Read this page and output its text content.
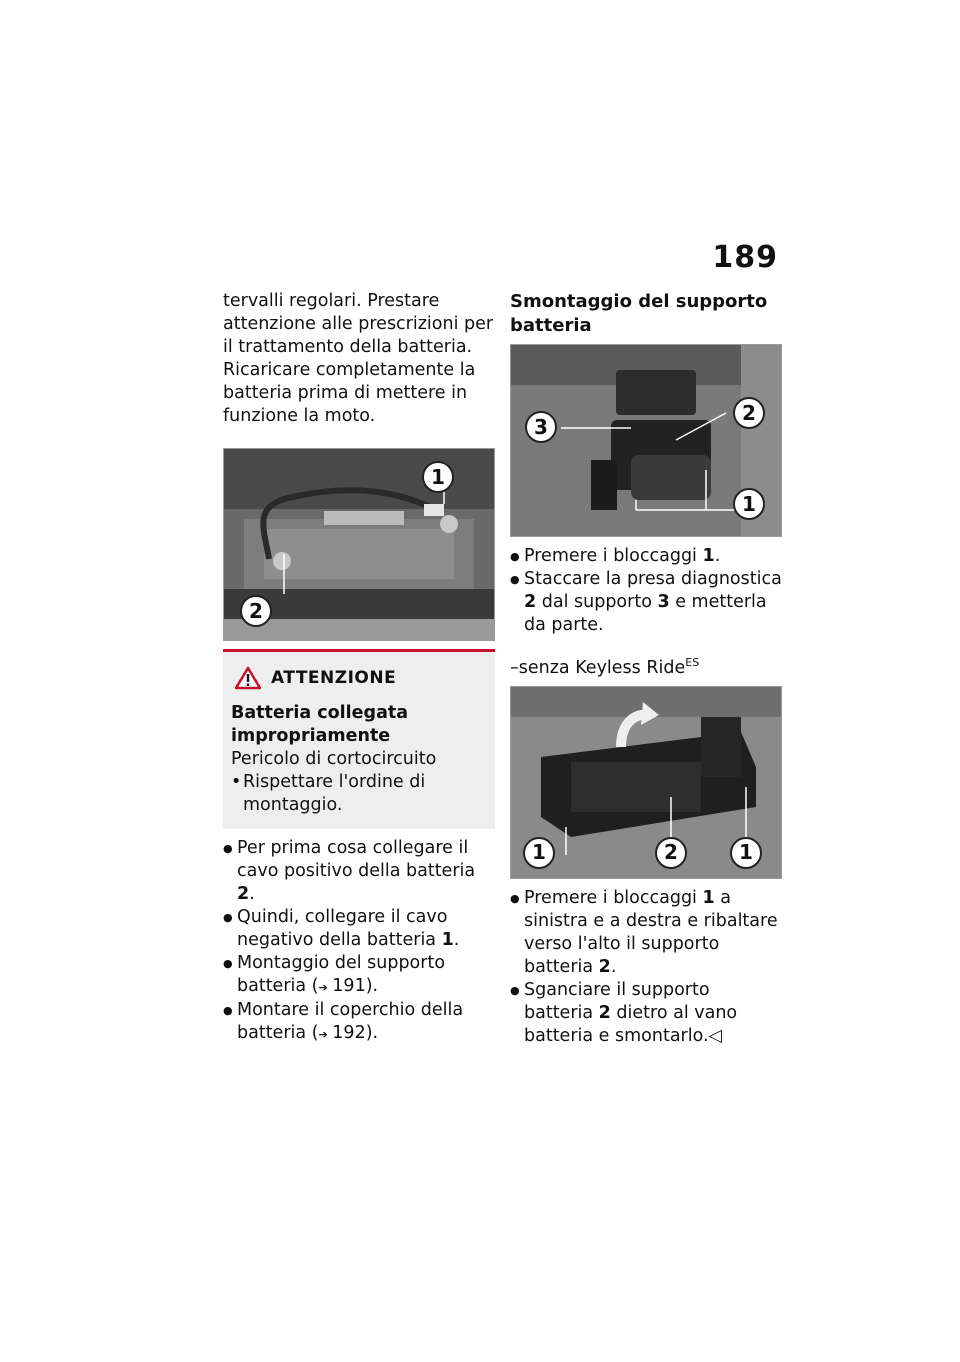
189

tervalli regolari. Prestare attenzione alle prescrizioni per il trattamento della batteria. Ricaricare completamente la batteria prima di mettere in funzione la moto.

1
2
ATTENZIONE
Batteria collegata impropriamente
Pericolo di cortocircuito
• Rispettare l'ordine di montaggio.
● Per prima cosa collegare il cavo positivo della batteria 2.
● Quindi, collegare il cavo negativo della batteria 1.
● Montaggio del supporto batteria (➔ 191).
● Montare il coperchio della batteria (➔ 192).
Smontaggio del supporto batteria
3
2
1
● Premere i bloccaggi 1.
● Staccare la presa diagnostica 2 dal supporto 3 e metterla da parte.
–senza Keyless Ride$^{ES}$
1	2	1
● Premere i bloccaggi 1 a sinistra e a destra e ribaltare verso l'alto il supporto batteria 2.
● Sganciare il supporto batteria 2 dietro al vano batteria e smontarlo.◁
